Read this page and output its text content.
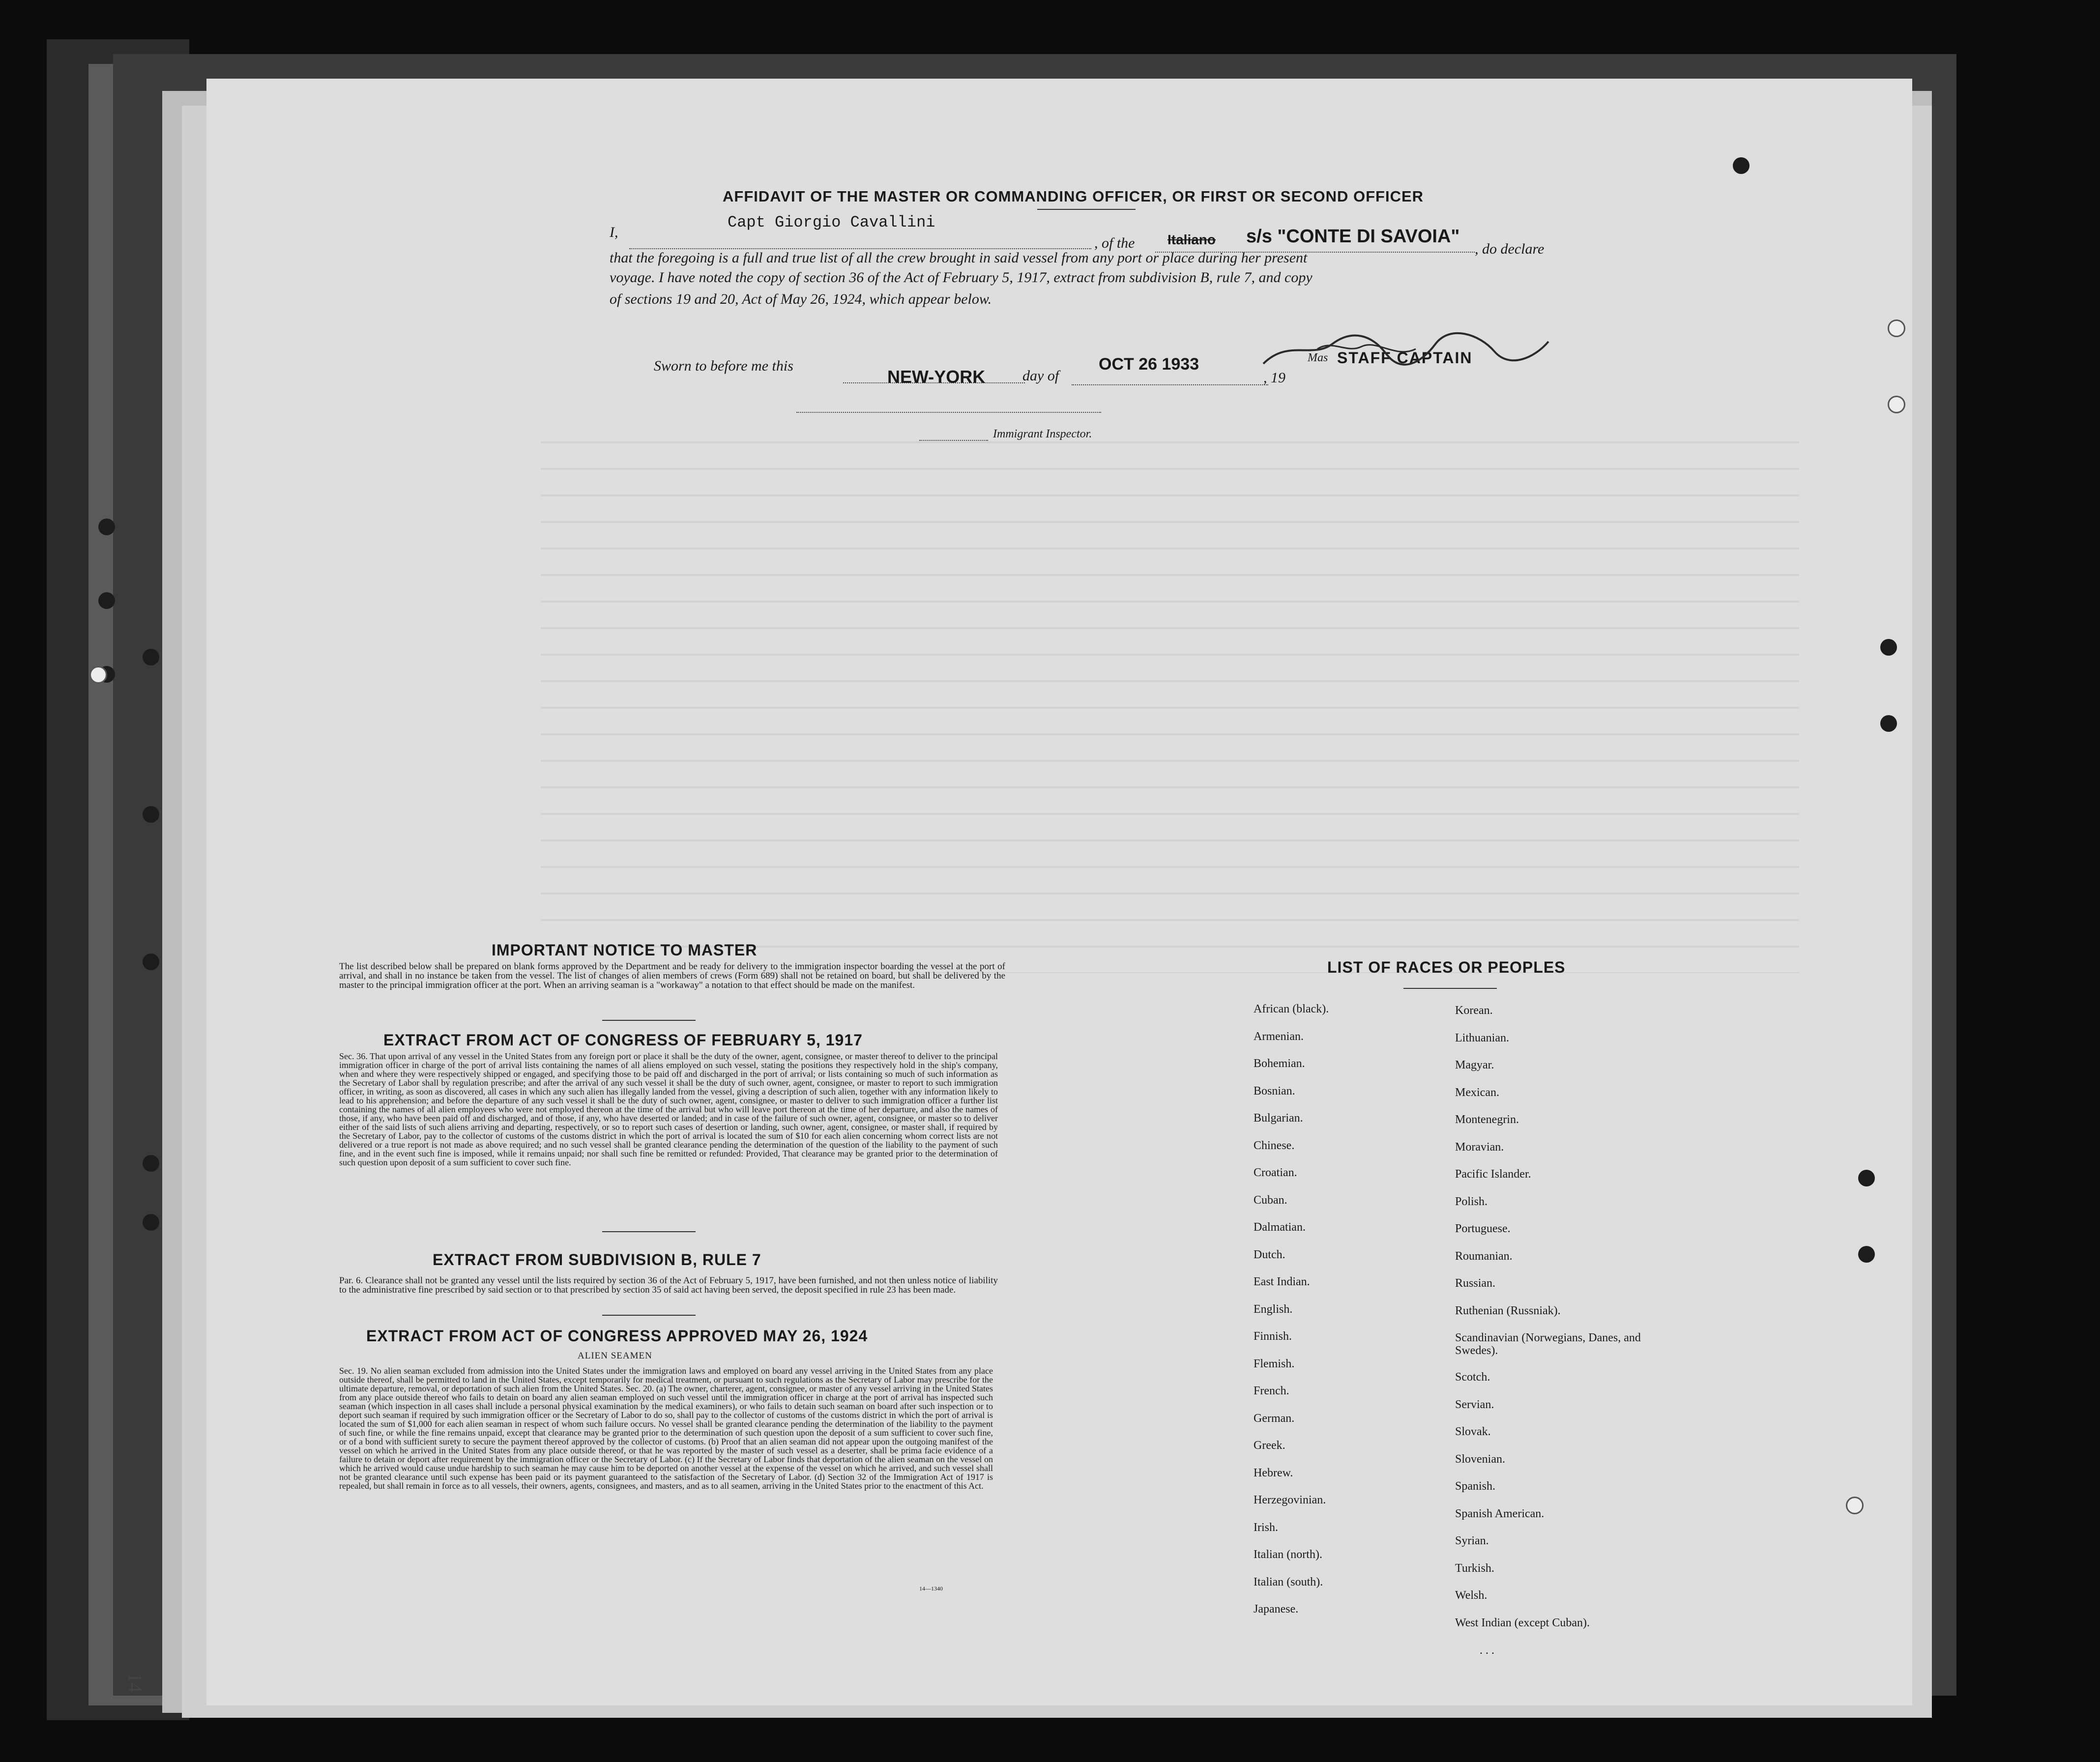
AFFIDAVIT OF THE MASTER OR COMMANDING OFFICER, OR FIRST OR SECOND OFFICER
I,
Capt Giorgio Cavallini
, of the Italiano s/s "CONTE DI SAVOIA"
, do declare
that the foregoing is a full and true list of all the crew brought in said vessel from any port or place during her present
voyage. I have noted the copy of section 36 of the Act of February 5, 1917, extract from subdivision B, rule 7, and copy
of sections 19 and 20, Act of May 26, 1924, which appear below.
Sworn to before me this
NEW-YORK	day of
OCT 26 1933
, 19
Mas STAFF CAPTAIN
Immigrant Inspector.
IMPORTANT NOTICE TO MASTER
The list described below shall be prepared on blank forms approved by the Department and be ready for delivery to the immigration inspector boarding the vessel at the port of arrival, and shall in no instance be taken from the vessel. The list of changes of alien members of crews (Form 689) shall not be retained on board, but shall be delivered by the master to the principal immigration officer at the port. When an arriving seaman is a "workaway" a notation to that effect should be made on the manifest.
EXTRACT FROM ACT OF CONGRESS OF FEBRUARY 5, 1917
Sec. 36. That upon arrival of any vessel in the United States from any foreign port or place it shall be the duty of the owner, agent, consignee, or master thereof to deliver to the principal immigration officer in charge of the port of arrival lists containing the names of all aliens employed on such vessel, stating the positions they respectively hold in the ship's company, when and where they were respectively shipped or engaged, and specifying those to be paid off and discharged in the port of arrival; or lists containing so much of such information as the Secretary of Labor shall by regulation prescribe; and after the arrival of any such vessel it shall be the duty of such owner, agent, consignee, or master to report to such immigration officer, in writing, as soon as discovered, all cases in which any such alien has illegally landed from the vessel, giving a description of such alien, together with any information likely to lead to his apprehension; and before the departure of any such vessel it shall be the duty of such owner, agent, consignee, or master to deliver to such immigration officer a further list containing the names of all alien employees who were not employed thereon at the time of the arrival but who will leave port thereon at the time of her departure, and also the names of those, if any, who have been paid off and discharged, and of those, if any, who have deserted or landed; and in case of the failure of such owner, agent, consignee, or master so to deliver either of the said lists of such aliens arriving and departing, respectively, or so to report such cases of desertion or landing, such owner, agent, consignee, or master shall, if required by the Secretary of Labor, pay to the collector of customs of the customs district in which the port of arrival is located the sum of $10 for each alien concerning whom correct lists are not delivered or a true report is not made as above required; and no such vessel shall be granted clearance pending the determination of the question of the liability to the payment of such fine, and in the event such fine is imposed, while it remains unpaid; nor shall such fine be remitted or refunded: Provided, That clearance may be granted prior to the determination of such question upon deposit of a sum sufficient to cover such fine.
EXTRACT FROM SUBDIVISION B, RULE 7
Par. 6. Clearance shall not be granted any vessel until the lists required by section 36 of the Act of February 5, 1917, have been furnished, and not then unless notice of liability to the administrative fine prescribed by said section or to that prescribed by section 35 of said act having been served, the deposit specified in rule 23 has been made.
EXTRACT FROM ACT OF CONGRESS APPROVED MAY 26, 1924
ALIEN SEAMEN
Sec. 19. No alien seaman excluded from admission into the United States under the immigration laws and employed on board any vessel arriving in the United States from any place outside thereof, shall be permitted to land in the United States, except temporarily for medical treatment, or pursuant to such regulations as the Secretary of Labor may prescribe for the ultimate departure, removal, or deportation of such alien from the United States. Sec. 20. (a) The owner, charterer, agent, consignee, or master of any vessel arriving in the United States from any place outside thereof who fails to detain on board any alien seaman employed on such vessel until the immigration officer in charge at the port of arrival has inspected such seaman (which inspection in all cases shall include a personal physical examination by the medical examiners), or who fails to detain such seaman on board after such inspection or to deport such seaman if required by such immigration officer or the Secretary of Labor to do so, shall pay to the collector of customs of the customs district in which the port of arrival is located the sum of $1,000 for each alien seaman in respect of whom such failure occurs. No vessel shall be granted clearance pending the determination of the liability to the payment of such fine, or while the fine remains unpaid, except that clearance may be granted prior to the determination of such question upon the deposit of a sum sufficient to cover such fine, or of a bond with sufficient surety to secure the payment thereof approved by the collector of customs. (b) Proof that an alien seaman did not appear upon the outgoing manifest of the vessel on which he arrived in the United States from any place outside thereof, or that he was reported by the master of such vessel as a deserter, shall be prima facie evidence of a failure to detain or deport after requirement by the immigration officer or the Secretary of Labor. (c) If the Secretary of Labor finds that deportation of the alien seaman on the vessel on which he arrived would cause undue hardship to such seaman he may cause him to be deported on another vessel at the expense of the vessel on which he arrived, and such vessel shall not be granted clearance until such expense has been paid or its payment guaranteed to the satisfaction of the Secretary of Labor. (d) Section 32 of the Immigration Act of 1917 is repealed, but shall remain in force as to all vessels, their owners, agents, consignees, and masters, and as to all seamen, arriving in the United States prior to the enactment of this Act.
14—1340
LIST OF RACES OR PEOPLES
African (black).
Armenian.
Bohemian.
Bosnian.
Bulgarian.
Chinese.
Croatian.
Cuban.
Dalmatian.
Dutch.
East Indian.
English.
Finnish.
Flemish.
French.
German.
Greek.
Hebrew.
Herzegovinian.
Irish.
Italian (north).
Italian (south).
Japanese.
Korean.
Lithuanian.
Magyar.
Mexican.
Montenegrin.
Moravian.
Pacific Islander.
Polish.
Portuguese.
Roumanian.
Russian.
Ruthenian (Russniak).
Scandinavian (Norwegians, Danes, and Swedes).
Scotch.
Servian.
Slovak.
Slovenian.
Spanish.
Spanish American.
Syrian.
Turkish.
Welsh.
West Indian (except Cuban).
. . .
14
